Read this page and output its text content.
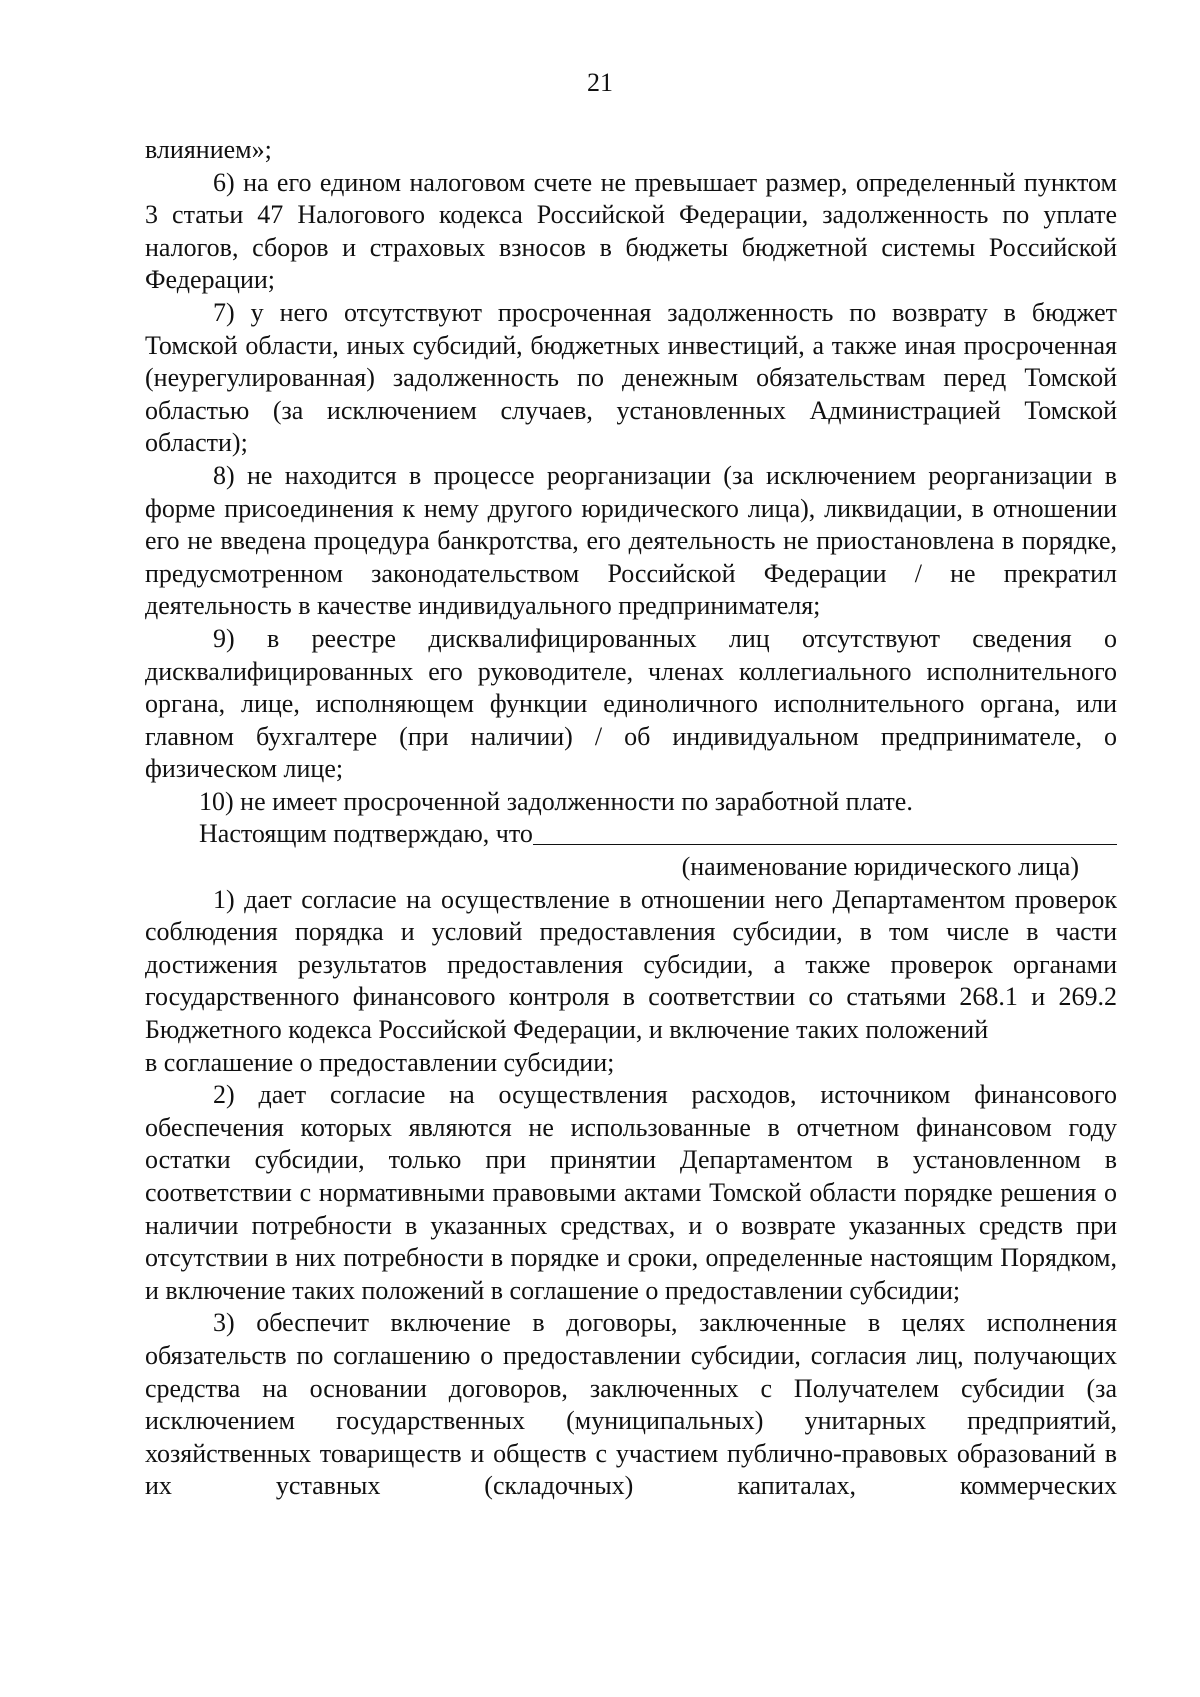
21

влиянием»;

6) на его едином налоговом счете не превышает размер, определенный пунктом 3 статьи 47 Налогового кодекса Российской Федерации, задолженность по уплате налогов, сборов и страховых взносов в бюджеты бюджетной системы Российской Федерации;

7) у него отсутствуют просроченная задолженность по возврату в бюджет Томской области, иных субсидий, бюджетных инвестиций, а также иная просроченная (неурегулированная) задолженность по денежным обязательствам перед Томской областью (за исключением случаев, установленных Администрацией Томской области);

8) не находится в процессе реорганизации (за исключением реорганизации в форме присоединения к нему другого юридического лица), ликвидации, в отношении его не введена процедура банкротства, его деятельность не приостановлена в порядке, предусмотренном законодательством Российской Федерации / не прекратил деятельность в качестве индивидуального предпринимателя;

9) в реестре дисквалифицированных лиц отсутствуют сведения о дисквалифицированных его руководителе, членах коллегиального исполнительного органа, лице, исполняющем функции единоличного исполнительного органа, или главном бухгалтере (при наличии) / об индивидуальном предпринимателе, о физическом лице;

10) не имеет просроченной задолженности по заработной плате.

Настоящим подтверждаю, что

(наименование юридического лица)

1) дает согласие на осуществление в отношении него Департаментом проверок соблюдения порядка и условий предоставления субсидии, в том числе в части достижения результатов предоставления субсидии, а также проверок органами государственного финансового контроля в соответствии со статьями 268.1 и 269.2 Бюджетного кодекса Российской Федерации, и включение таких положений

в соглашение о предоставлении субсидии;

2) дает согласие на осуществления расходов, источником финансового обеспечения которых являются не использованные в отчетном финансовом году остатки субсидии, только при принятии Департаментом в установленном в соответствии с нормативными правовыми актами Томской области порядке решения о наличии потребности в указанных средствах, и о возврате указанных средств при отсутствии в них потребности в порядке и сроки, определенные настоящим Порядком, и включение таких положений в соглашение о предоставлении субсидии;

3) обеспечит включение в договоры, заключенные в целях исполнения обязательств по соглашению о предоставлении субсидии, согласия лиц, получающих средства на основании договоров, заключенных с Получателем субсидии (за исключением государственных (муниципальных) унитарных предприятий, хозяйственных товариществ и обществ с участием публично-правовых образований в их уставных (складочных) капиталах, коммерческих
